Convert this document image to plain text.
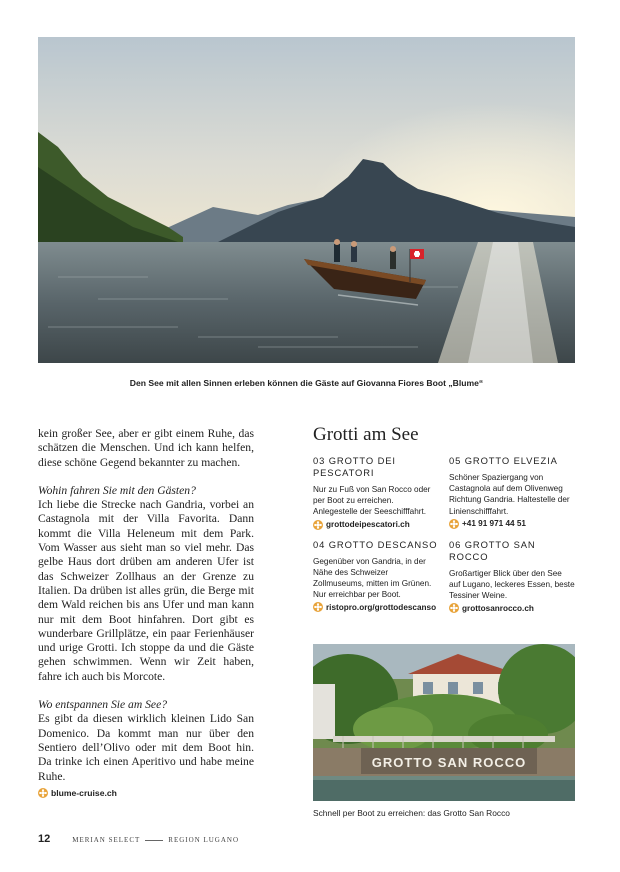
Den See mit allen Sinnen erleben können die Gäste auf Giovanna Fiores Boot „Blume“

kein großer See, aber er gibt einem Ruhe, das schätzen die Menschen. Und ich kann helfen, diese schöne Gegend bekannter zu machen.

Wohin fahren Sie mit den Gästen?

Ich liebe die Strecke nach Gandria, vorbei an Castagnola mit der Villa Favorita. Dann kommt die Villa Heleneum mit dem Park. Vom Wasser aus sieht man so viel mehr. Das gelbe Haus dort drüben am anderen Ufer ist das Schweizer Zollhaus an der Grenze zu Italien. Da drüben ist alles grün, die Berge mit dem Wald reichen bis ans Ufer und man kann nur mit dem Boot hinfahren. Dort gibt es wunderbare Grillplätze, ein paar Ferienhäuser und urige Grotti. Ich stoppe da und die Gäste gehen schwimmen. Wenn wir Zeit haben, fahre ich auch bis Morcote.

Wo entspannen Sie am See?

Es gibt da diesen wirklich kleinen Lido San Domenico. Da kommt man nur über den Sentiero dell’Olivo oder mit dem Boot hin. Da trinke ich einen Aperitivo und habe meine Ruhe.

blume-cruise.ch
Grotti am See
03 GROTTO DEI PESCATORI
Nur zu Fuß von San Rocco oder per Boot zu erreichen. Anlegestelle der Seeschifffahrt.
grottodeipescatori.ch
05 GROTTO ELVEZIA
Schöner Spaziergang von Castagnola auf dem Olivenweg Richtung Gandria. Haltestelle der Linienschifffahrt.
+41 91 971 44 51
04 GROTTO DESCANSO
Gegenüber von Gandria, in der Nähe des Schweizer Zollmuseums, mitten im Grünen. Nur erreichbar per Boot.
ristopro.org/grottodescanso
06 GROTTO SAN ROCCO
Großartiger Blick über den See auf Lugano, leckeres Essen, beste Tessiner Weine.
grottosanrocco.ch
GROTTO SAN ROCCO
Schnell per Boot zu erreichen: das Grotto San Rocco
12	MERIAN SELECT	REGION LUGANO
